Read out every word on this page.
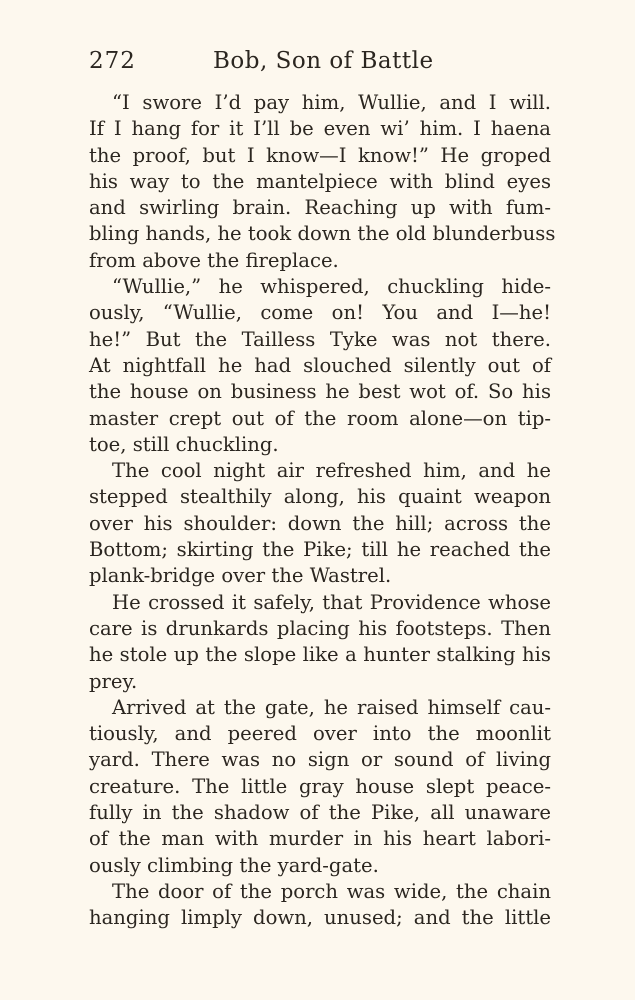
272	Bob, Son of Battle
“I swore I’d pay him, Wullie, and I will.
If I hang for it I’ll be even wi’ him. I haena
the proof, but I know—I know!” He groped
his way to the mantelpiece with blind eyes
and swirling brain. Reaching up with fum-
bling hands, he took down the old blunderbuss
from above the fireplace.
“Wullie,” he whispered, chuckling hide-
ously, “Wullie, come on! You and I—he!
he!” But the Tailless Tyke was not there.
At nightfall he had slouched silently out of
the house on business he best wot of. So his
master crept out of the room alone—on tip-
toe, still chuckling.
The cool night air refreshed him, and he
stepped stealthily along, his quaint weapon
over his shoulder: down the hill; across the
Bottom; skirting the Pike; till he reached the
plank-bridge over the Wastrel.
He crossed it safely, that Providence whose
care is drunkards placing his footsteps. Then
he stole up the slope like a hunter stalking his
prey.
Arrived at the gate, he raised himself cau-
tiously, and peered over into the moonlit
yard. There was no sign or sound of living
creature. The little gray house slept peace-
fully in the shadow of the Pike, all unaware
of the man with murder in his heart labori-
ously climbing the yard-gate.
The door of the porch was wide, the chain
hanging limply down, unused; and the little
